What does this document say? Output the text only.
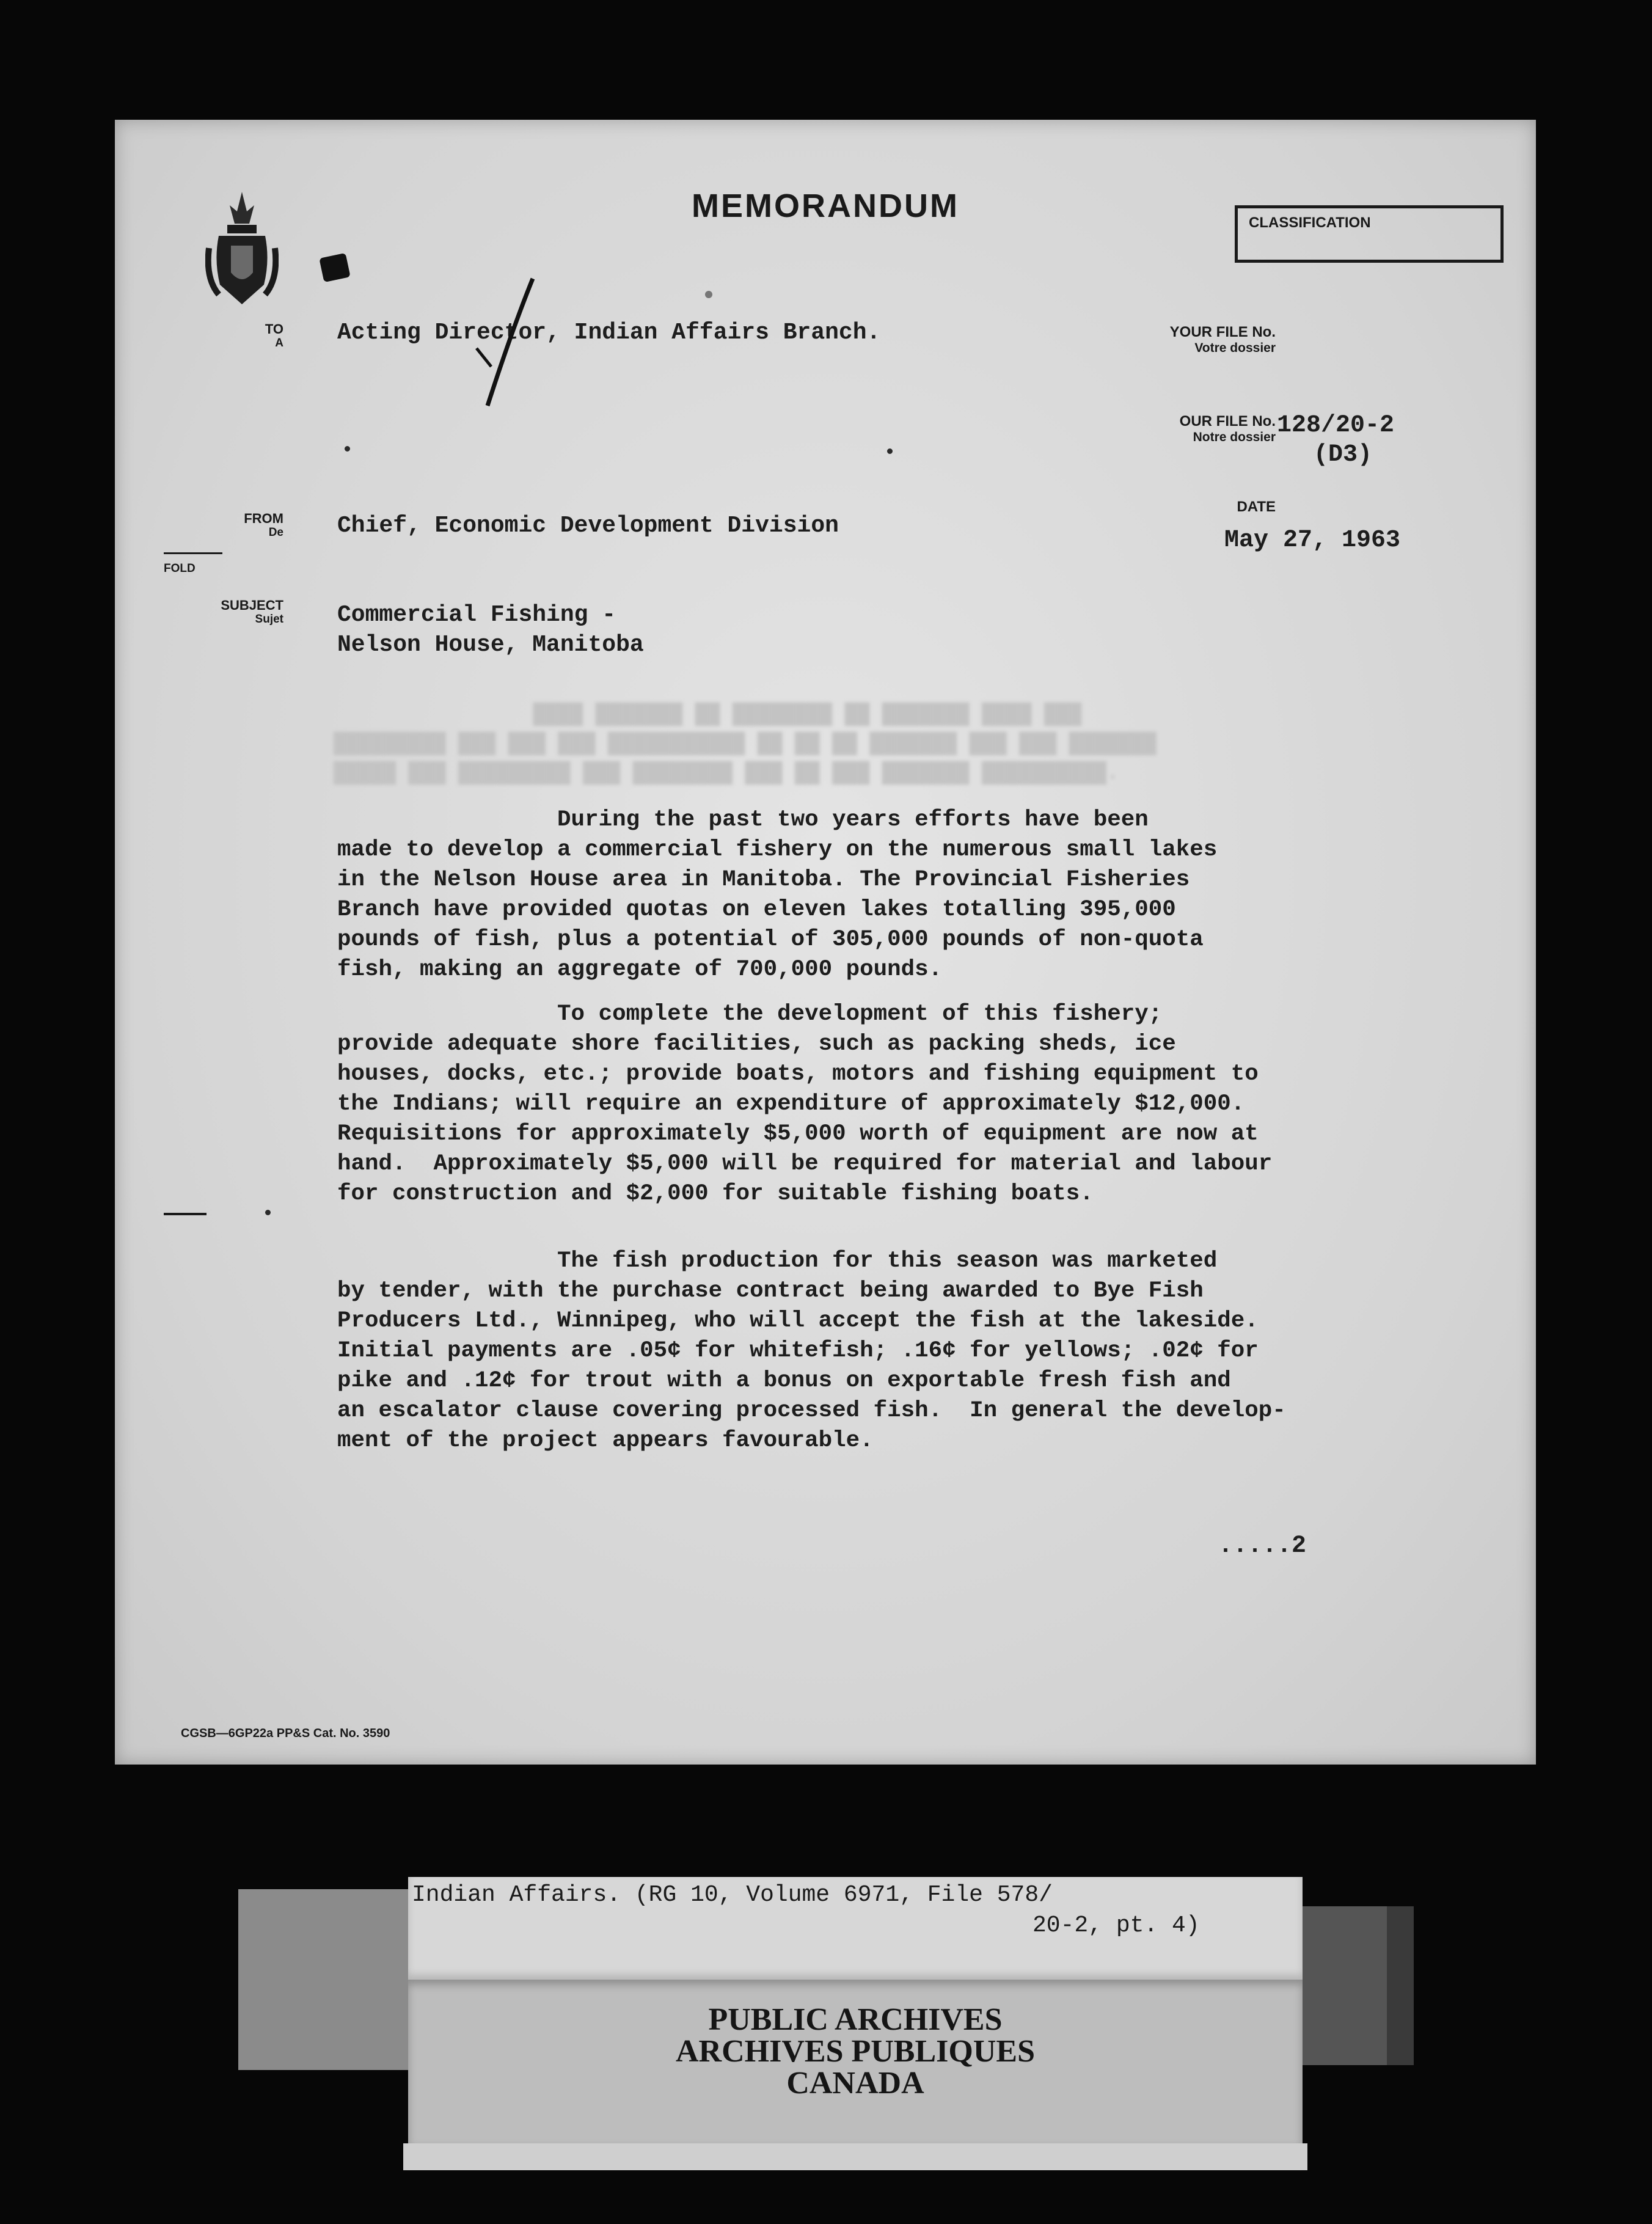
MEMORANDUM	CLASSIFICATION
TO
A Acting Director, Indian Affairs Branch.	YOUR FILE No.
Votre dossier
OUR FILE No.
Notre dossier 128/20-2
(D3)
DATE
May 27, 1963
FROM
De Chief, Economic Development Division
FOLD
SUBJECT
Sujet Commercial Fishing -
Nelson House, Manitoba
████ ███████ ██ ████████ ██ ███████ ████ ███
█████████ ███ ███ ███ ███████████ ██ ██ ██ ███████ ███ ███ ███████
█████ ███ █████████ ███ ████████ ███ ██ ███ ███████ ██████████.
During the past two years efforts have been
made to develop a commercial fishery on the numerous small lakes
in the Nelson House area in Manitoba. The Provincial Fisheries
Branch have provided quotas on eleven lakes totalling 395,000
pounds of fish, plus a potential of 305,000 pounds of non-quota
fish, making an aggregate of 700,000 pounds.
To complete the development of this fishery;
provide adequate shore facilities, such as packing sheds, ice
houses, docks, etc.; provide boats, motors and fishing equipment to
the Indians; will require an expenditure of approximately $12,000.
Requisitions for approximately $5,000 worth of equipment are now at
hand.  Approximately $5,000 will be required for material and labour
for construction and $2,000 for suitable fishing boats.
The fish production for this season was marketed
by tender, with the purchase contract being awarded to Bye Fish
Producers Ltd., Winnipeg, who will accept the fish at the lakeside.
Initial payments are .05¢ for whitefish; .16¢ for yellows; .02¢ for
pike and .12¢ for trout with a bonus on exportable fresh fish and
an escalator clause covering processed fish.  In general the develop-
ment of the project appears favourable.
.....2
CGSB—6GP22a PP&S Cat. No. 3590
Indian Affairs. (RG 10, Volume 6971, File 578/
20-2, pt. 4)
PUBLIC ARCHIVES
ARCHIVES PUBLIQUES
CANADA
